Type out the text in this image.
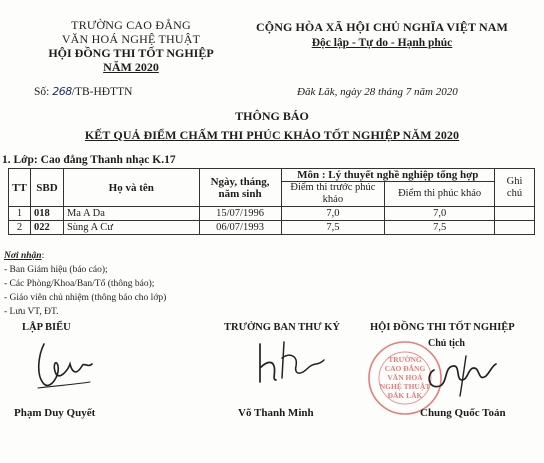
TRƯỜNG CAO ĐẲNG
VĂN HOÁ NGHỆ THUẬT
HỘI ĐỒNG THI TỐT NGHIỆP
NĂM 2020
Số: 268/TB-HĐTTN
CỘNG HÒA XÃ HỘI CHỦ NGHĨA VIỆT NAM
Độc lập - Tự do - Hạnh phúc
Đăk Lăk, ngày 28 tháng 7 năm 2020
THÔNG BÁO
KẾT QUẢ ĐIỂM CHẤM THI PHÚC KHẢO TỐT NGHIỆP NĂM 2020
1. Lớp: Cao đẳng Thanh nhạc K.17
TT	SBD	Họ và tên	Ngày, tháng, năm sinh	Môn : Lý thuyết nghề nghiệp tổng hợp		Ghi chú
				Điểm thi trước phúc khảo	Điểm thi phúc khảo	
1	018	Ma A Da	15/07/1996	7,0	7,0	
2	022	Sùng A Cư	06/07/1993	7,5	7,5	
Nơi nhận:
- Ban Giám hiệu (báo cáo);
- Các Phòng/Khoa/Ban/Tổ (thông báo);
- Giáo viên chủ nhiệm (thông báo cho lớp)
- Lưu VT, ĐT.
LẬP BIỂU	TRƯỞNG BAN THƯ KÝ	HỘI ĐỒNG THI TỐT NGHIỆP
Chủ tịch
TRƯỜNG
CAO ĐẲNG
VĂN HOÁ
NGHỆ THUẬT
ĐĂK LĂK
Phạm Duy Quyết	Võ Thanh Minh	Chung Quốc Toản
